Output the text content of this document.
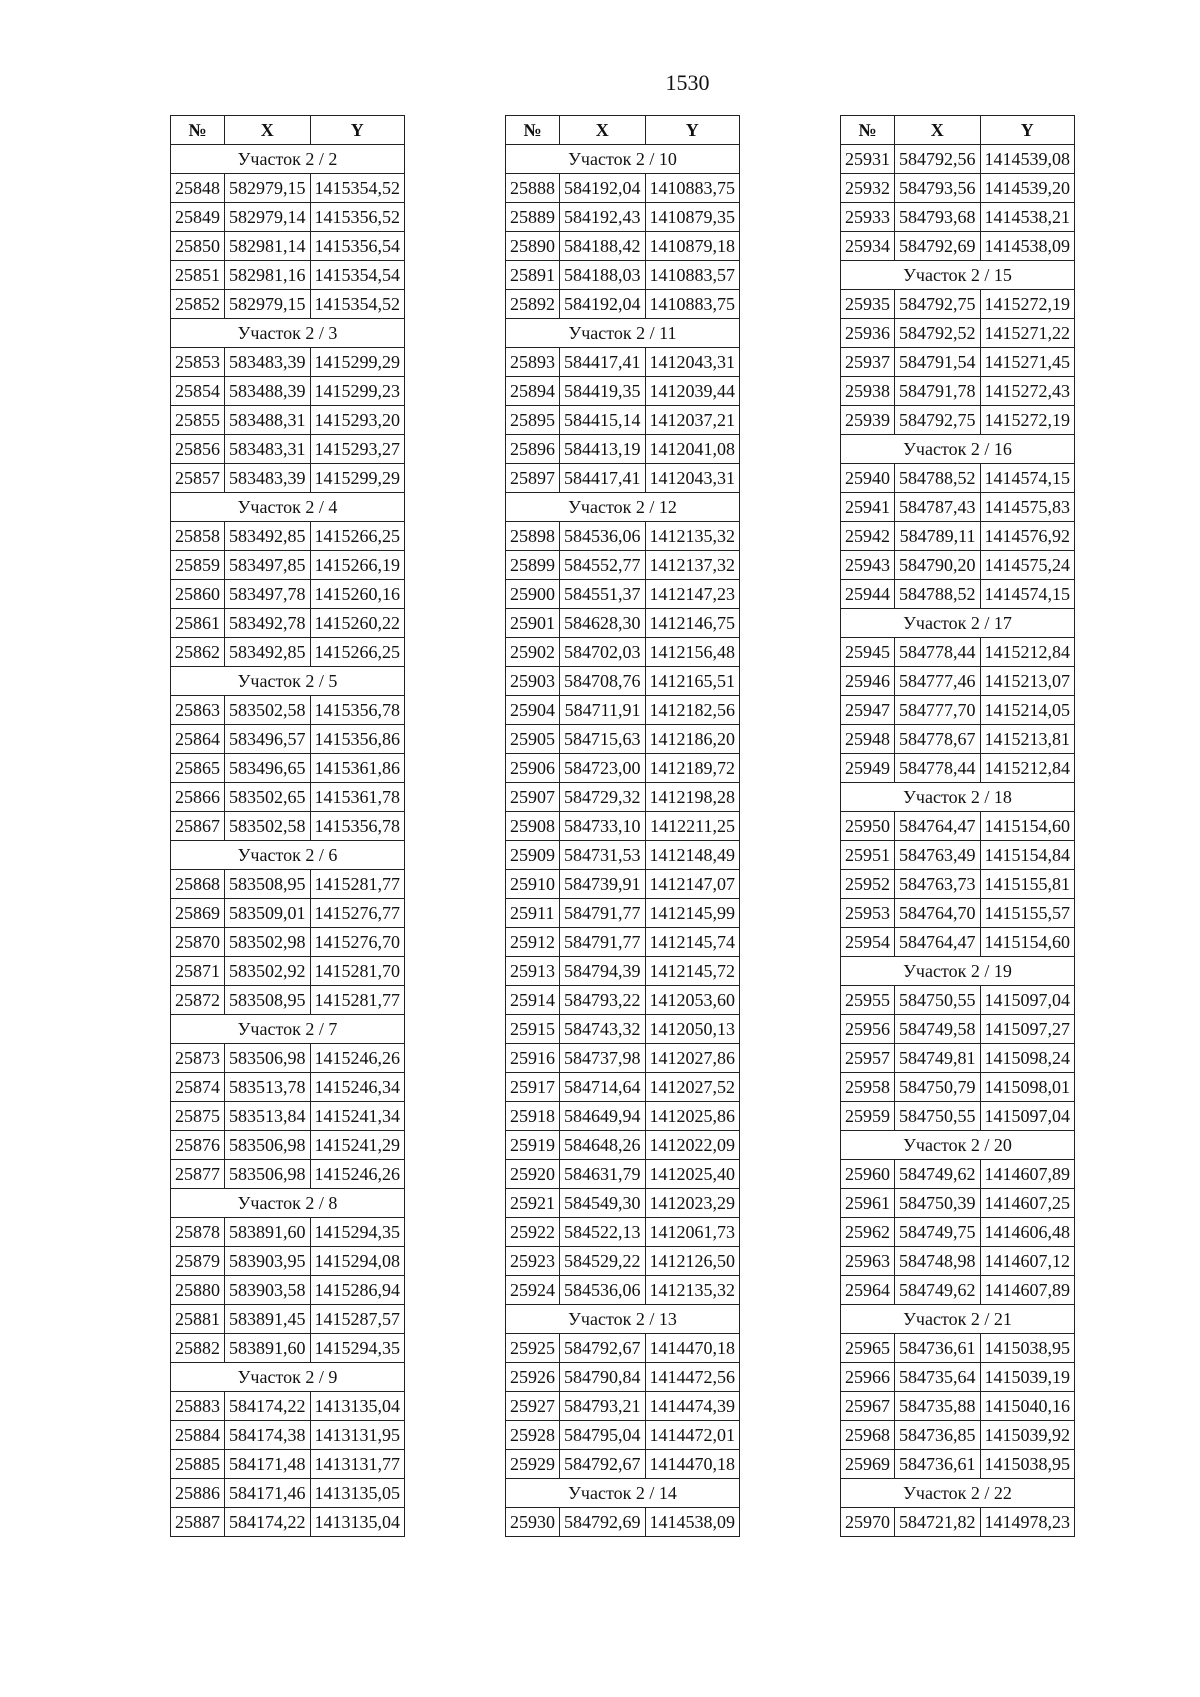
1530
№	X	Y
Участок 2 / 2		
25848	582979,15	1415354,52
25849	582979,14	1415356,52
25850	582981,14	1415356,54
25851	582981,16	1415354,54
25852	582979,15	1415354,52
Участок 2 / 3		
25853	583483,39	1415299,29
25854	583488,39	1415299,23
25855	583488,31	1415293,20
25856	583483,31	1415293,27
25857	583483,39	1415299,29
Участок 2 / 4		
25858	583492,85	1415266,25
25859	583497,85	1415266,19
25860	583497,78	1415260,16
25861	583492,78	1415260,22
25862	583492,85	1415266,25
Участок 2 / 5		
25863	583502,58	1415356,78
25864	583496,57	1415356,86
25865	583496,65	1415361,86
25866	583502,65	1415361,78
25867	583502,58	1415356,78
Участок 2 / 6		
25868	583508,95	1415281,77
25869	583509,01	1415276,77
25870	583502,98	1415276,70
25871	583502,92	1415281,70
25872	583508,95	1415281,77
Участок 2 / 7		
25873	583506,98	1415246,26
25874	583513,78	1415246,34
25875	583513,84	1415241,34
25876	583506,98	1415241,29
25877	583506,98	1415246,26
Участок 2 / 8		
25878	583891,60	1415294,35
25879	583903,95	1415294,08
25880	583903,58	1415286,94
25881	583891,45	1415287,57
25882	583891,60	1415294,35
Участок 2 / 9		
25883	584174,22	1413135,04
25884	584174,38	1413131,95
25885	584171,48	1413131,77
25886	584171,46	1413135,05
25887	584174,22	1413135,04
№	X	Y
Участок 2 / 10		
25888	584192,04	1410883,75
25889	584192,43	1410879,35
25890	584188,42	1410879,18
25891	584188,03	1410883,57
25892	584192,04	1410883,75
Участок 2 / 11		
25893	584417,41	1412043,31
25894	584419,35	1412039,44
25895	584415,14	1412037,21
25896	584413,19	1412041,08
25897	584417,41	1412043,31
Участок 2 / 12		
25898	584536,06	1412135,32
25899	584552,77	1412137,32
25900	584551,37	1412147,23
25901	584628,30	1412146,75
25902	584702,03	1412156,48
25903	584708,76	1412165,51
25904	584711,91	1412182,56
25905	584715,63	1412186,20
25906	584723,00	1412189,72
25907	584729,32	1412198,28
25908	584733,10	1412211,25
25909	584731,53	1412148,49
25910	584739,91	1412147,07
25911	584791,77	1412145,99
25912	584791,77	1412145,74
25913	584794,39	1412145,72
25914	584793,22	1412053,60
25915	584743,32	1412050,13
25916	584737,98	1412027,86
25917	584714,64	1412027,52
25918	584649,94	1412025,86
25919	584648,26	1412022,09
25920	584631,79	1412025,40
25921	584549,30	1412023,29
25922	584522,13	1412061,73
25923	584529,22	1412126,50
25924	584536,06	1412135,32
Участок 2 / 13		
25925	584792,67	1414470,18
25926	584790,84	1414472,56
25927	584793,21	1414474,39
25928	584795,04	1414472,01
25929	584792,67	1414470,18
Участок 2 / 14		
25930	584792,69	1414538,09
№	X	Y
25931	584792,56	1414539,08
25932	584793,56	1414539,20
25933	584793,68	1414538,21
25934	584792,69	1414538,09
Участок 2 / 15		
25935	584792,75	1415272,19
25936	584792,52	1415271,22
25937	584791,54	1415271,45
25938	584791,78	1415272,43
25939	584792,75	1415272,19
Участок 2 / 16		
25940	584788,52	1414574,15
25941	584787,43	1414575,83
25942	584789,11	1414576,92
25943	584790,20	1414575,24
25944	584788,52	1414574,15
Участок 2 / 17		
25945	584778,44	1415212,84
25946	584777,46	1415213,07
25947	584777,70	1415214,05
25948	584778,67	1415213,81
25949	584778,44	1415212,84
Участок 2 / 18		
25950	584764,47	1415154,60
25951	584763,49	1415154,84
25952	584763,73	1415155,81
25953	584764,70	1415155,57
25954	584764,47	1415154,60
Участок 2 / 19		
25955	584750,55	1415097,04
25956	584749,58	1415097,27
25957	584749,81	1415098,24
25958	584750,79	1415098,01
25959	584750,55	1415097,04
Участок 2 / 20		
25960	584749,62	1414607,89
25961	584750,39	1414607,25
25962	584749,75	1414606,48
25963	584748,98	1414607,12
25964	584749,62	1414607,89
Участок 2 / 21		
25965	584736,61	1415038,95
25966	584735,64	1415039,19
25967	584735,88	1415040,16
25968	584736,85	1415039,92
25969	584736,61	1415038,95
Участок 2 / 22		
25970	584721,82	1414978,23
